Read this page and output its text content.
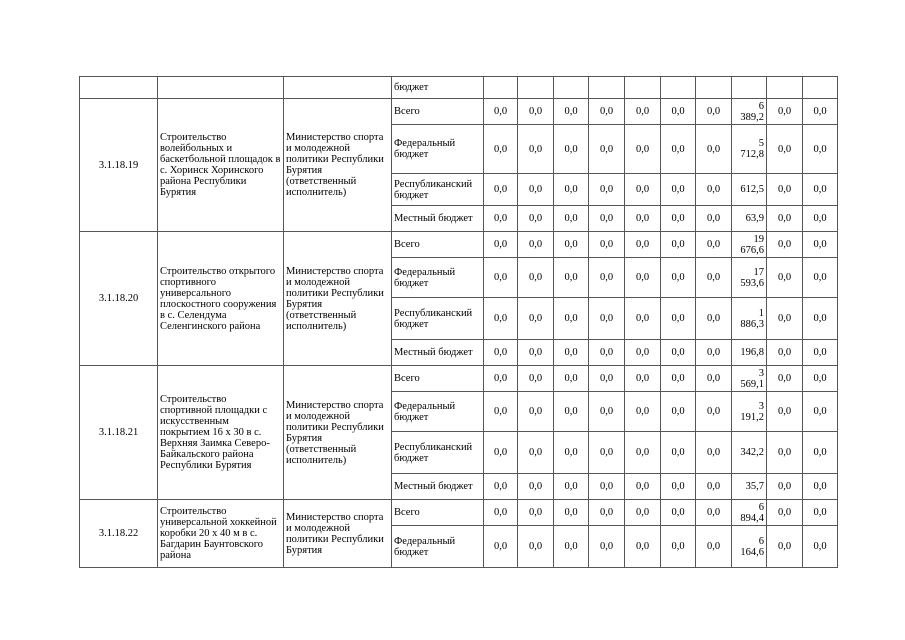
			бюджет										
3.1.18.19	Строительство волейбольных и баскетбольной площадок в с. Хоринск Хоринского района Республики Бурятия	Министерство спорта и молодежной политики Республики Бурятия (ответственный исполнитель)	Всего	0,0	0,0	0,0	0,0	0,0	0,0	0,0	6 389,2	0,0	0,0
			Федеральный бюджет	0,0	0,0	0,0	0,0	0,0	0,0	0,0	5 712,8	0,0	0,0
			Республиканский бюджет	0,0	0,0	0,0	0,0	0,0	0,0	0,0	612,5	0,0	0,0
			Местный бюджет	0,0	0,0	0,0	0,0	0,0	0,0	0,0	63,9	0,0	0,0
3.1.18.20	Строительство открытого спортивного универсального плоскостного сооружения в с. Селендума Селенгинского района	Министерство спорта и молодежной политики Республики Бурятия (ответственный исполнитель)	Всего	0,0	0,0	0,0	0,0	0,0	0,0	0,0	19 676,6	0,0	0,0
			Федеральный бюджет	0,0	0,0	0,0	0,0	0,0	0,0	0,0	17 593,6	0,0	0,0
			Республиканский бюджет	0,0	0,0	0,0	0,0	0,0	0,0	0,0	1 886,3	0,0	0,0
			Местный бюджет	0,0	0,0	0,0	0,0	0,0	0,0	0,0	196,8	0,0	0,0
3.1.18.21	Строительство спортивной площадки с искусственным покрытием 16 х 30 в с. Верхняя Заимка Северо-Байкальского района Республики Бурятия	Министерство спорта и молодежной политики Республики Бурятия (ответственный исполнитель)	Всего	0,0	0,0	0,0	0,0	0,0	0,0	0,0	3 569,1	0,0	0,0
			Федеральный бюджет	0,0	0,0	0,0	0,0	0,0	0,0	0,0	3 191,2	0,0	0,0
			Республиканский бюджет	0,0	0,0	0,0	0,0	0,0	0,0	0,0	342,2	0,0	0,0
			Местный бюджет	0,0	0,0	0,0	0,0	0,0	0,0	0,0	35,7	0,0	0,0
3.1.18.22	Строительство универсальной хоккейной коробки 20 х 40 м в с. Багдарин Баунтовского района	Министерство спорта и молодежной политики Республики Бурятия	Всего	0,0	0,0	0,0	0,0	0,0	0,0	0,0	6 894,4	0,0	0,0
			Федеральный бюджет	0,0	0,0	0,0	0,0	0,0	0,0	0,0	6 164,6	0,0	0,0
